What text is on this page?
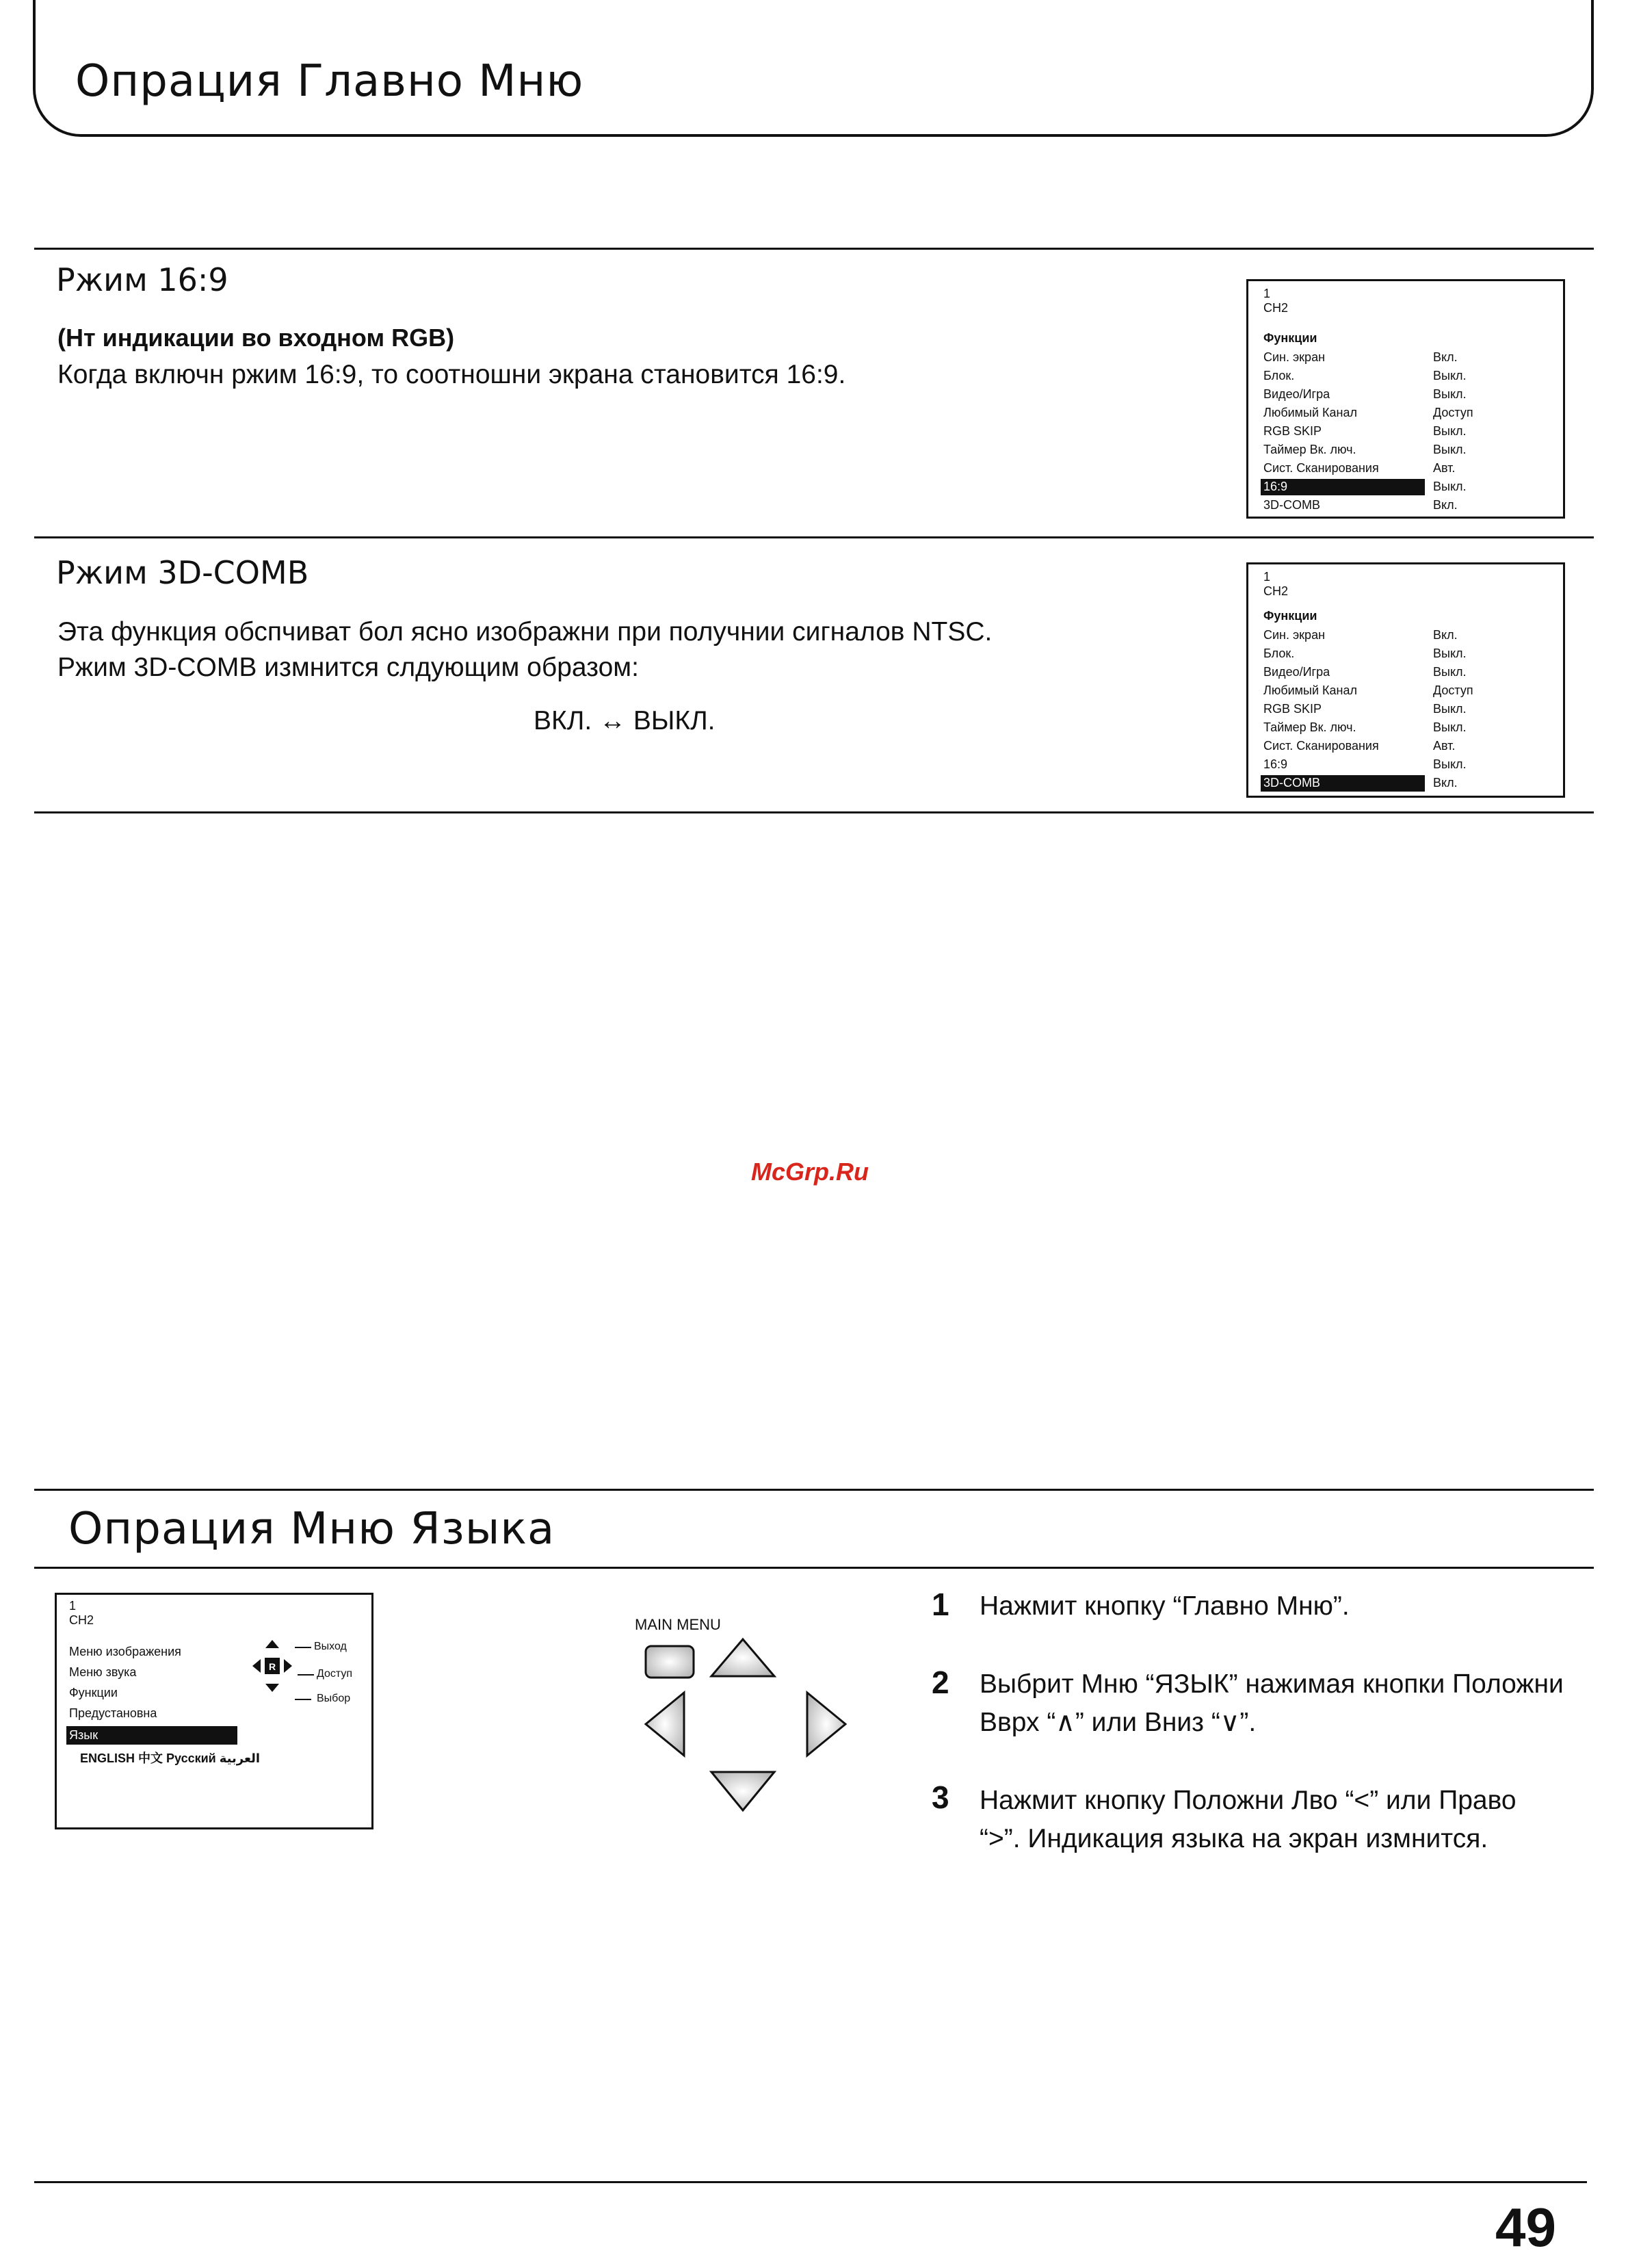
Опрация Главно Мню
Ржим 16:9
(Нт индикации во входном RGB)
Когда включн ржим 16:9, то соотношни экрана становится 16:9.
1
CH2
Функции
Син. экран	Вкл.
Блок.	Выкл.
Видео/Игра	Выкл.
Любимый Канал	Доступ
RGB SKIP	Выкл.
Таймер Вк. люч.	Выкл.
Сист. Сканирования	Авт.
16:9	Выкл.
3D-COMB	Вкл.
Ржим 3D-COMB
Эта функция обспчиват бол ясно изображни при получнии сигналов NTSC.
Ржим 3D-COMB измнится слдующим образом:
ВКЛ. ↔ ВЫКЛ.
1
CH2
Функции
Син. экран	Вкл.
Блок.	Выкл.
Видео/Игра	Выкл.
Любимый Канал	Доступ
RGB SKIP	Выкл.
Таймер Вк. люч.	Выкл.
Сист. Сканирования	Авт.
16:9	Выкл.
3D-COMB	Вкл.
McGrp.Ru
Опрация Мню Языка
1
CH2
Меню изображения
Меню звука
Функции
Предустановна
Язык
ENGLISH 中文 Русский العربية
R
Выход
Доступ
Выбор
MAIN MENU
1 Нажмит кнопку “Главно Мню”.
2 Выбрит Мню “ЯЗЫК” нажимая кнопки Положни
Вврх “∧” или Вниз “∨”.
3 Нажмит кнопку Положни Лво “<” или Право
“>”. Индикация языка на экран измнится.
49
